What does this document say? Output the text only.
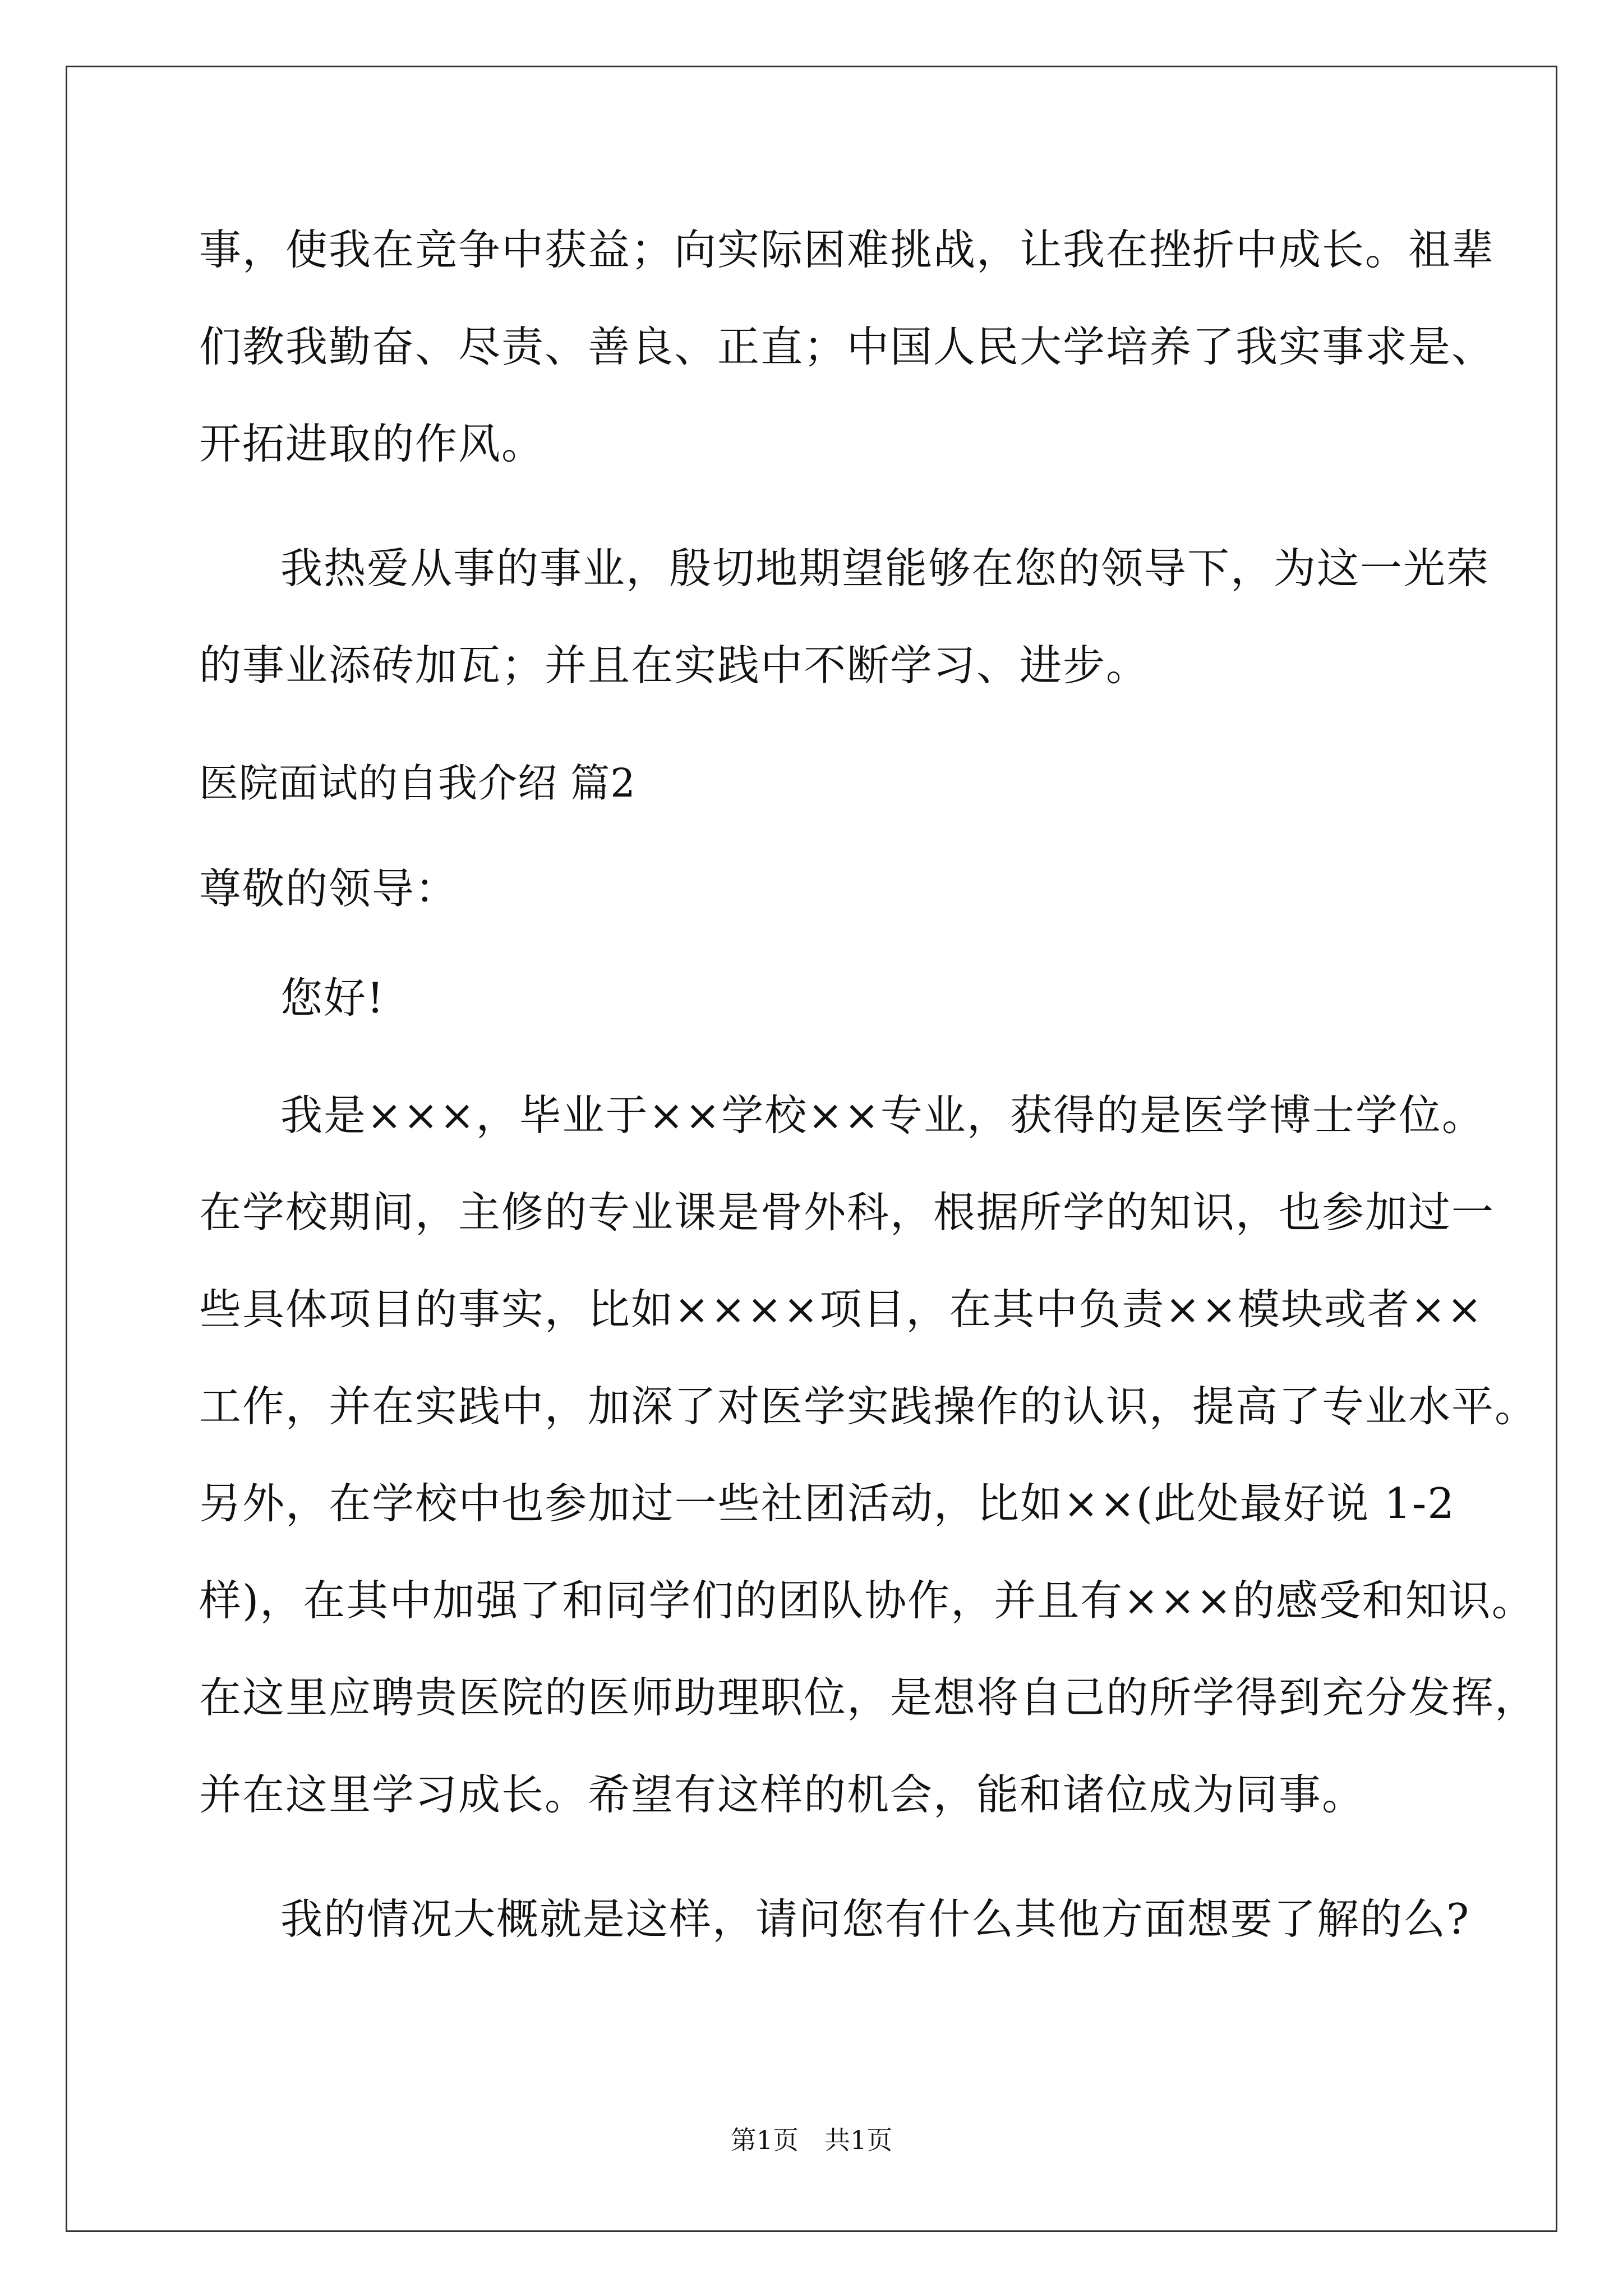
事，使我在竞争中获益；向实际困难挑战，让我在挫折中成长。祖辈
们教我勤奋、尽责、善良、正直；中国人民大学培养了我实事求是、
开拓进取的作风。
我热爱从事的事业，殷切地期望能够在您的领导下，为这一光荣
的事业添砖加瓦；并且在实践中不断学习、进步。
医院面试的自我介绍 篇2
尊敬的领导：
您好!
我是×××，毕业于××学校××专业，获得的是医学博士学位。
在学校期间，主修的专业课是骨外科，根据所学的知识，也参加过一
些具体项目的事实，比如××××项目，在其中负责××模块或者××
工作，并在实践中，加深了对医学实践操作的认识，提高了专业水平。
另外，在学校中也参加过一些社团活动，比如××(此处最好说 1-2
样)，在其中加强了和同学们的团队协作，并且有×××的感受和知识。
在这里应聘贵医院的医师助理职位，是想将自己的所学得到充分发挥，
并在这里学习成长。希望有这样的机会，能和诸位成为同事。
我的情况大概就是这样，请问您有什么其他方面想要了解的么?
第1页　共1页
